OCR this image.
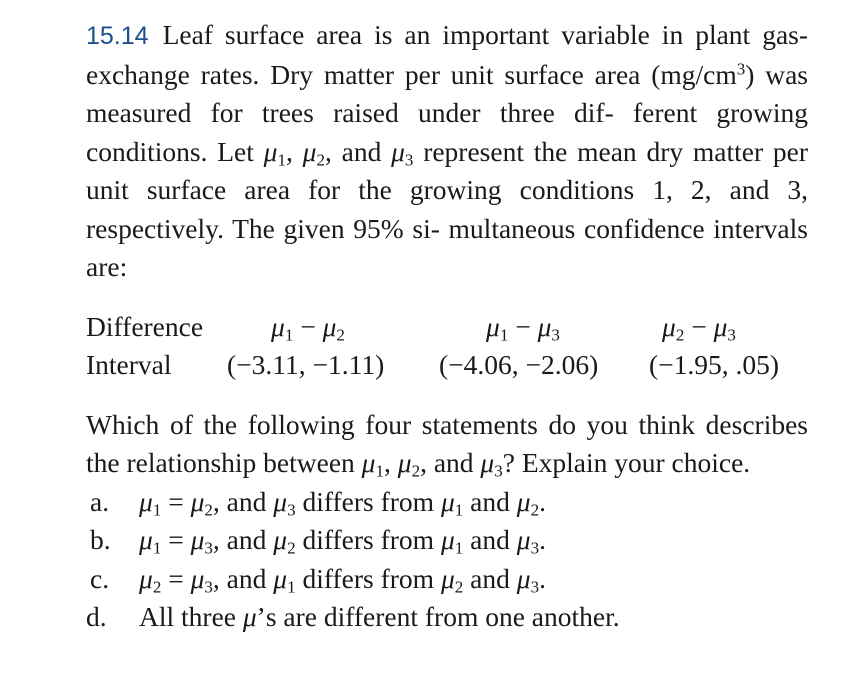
15.14 Leaf surface area is an important variable in plant gas-exchange rates. Dry matter per unit surface area $(mg/cm^3)$ was measured for trees raised under three dif- ferent growing conditions. Let $\mu_1$, $\mu_2$, and $\mu_3$ represent the mean dry matter per unit surface area for the growing conditions 1, 2, and 3, respectively. The given 95% si- multaneous confidence intervals are:

Difference $\mu_1 - \mu_2$	$\mu_1 - \mu_3$	$\mu_2 - \mu_3$
Interval (−3.11, −1.11) (−4.06, −2.06) (−1.95, .05)

Which of the following four statements do you think describes the relationship between $\mu_1$, $\mu_2$, and $\mu_3$? Explain your choice.

a. $\mu_1 = \mu_2$, and $\mu_3$ differs from $\mu_1$ and $\mu_2$.
b. $\mu_1 = \mu_3$, and $\mu_2$ differs from $\mu_1$ and $\mu_3$.
c. $\mu_2 = \mu_3$, and $\mu_1$ differs from $\mu_2$ and $\mu_3$.
d. All three μ’s are different from one another.
